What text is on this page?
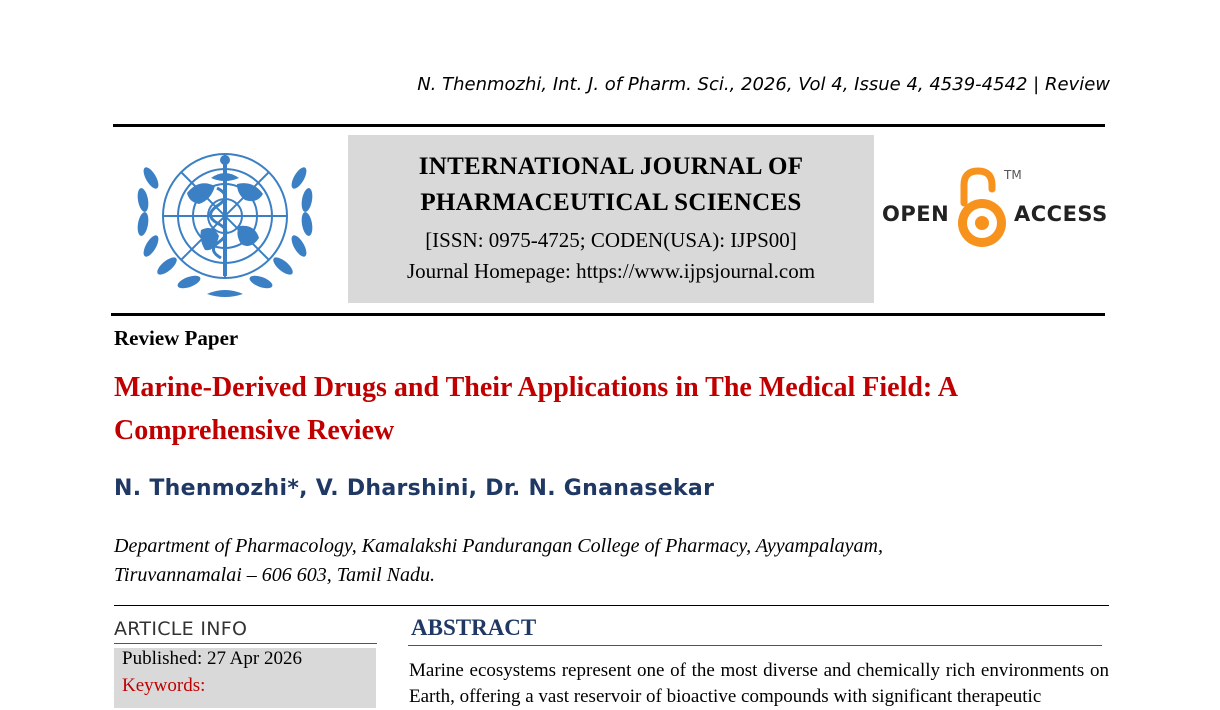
N. Thenmozhi, Int. J. of Pharm. Sci., 2026, Vol 4, Issue 4, 4539-4542 | Review
INTERNATIONAL JOURNAL OF
PHARMACEUTICAL SCIENCES
[ISSN: 0975-4725; CODEN(USA): IJPS00]
Journal Homepage: https://www.ijpsjournal.com
OPEN	ACCESS
TM
Review Paper
Marine-Derived Drugs and Their Applications in The Medical Field: A Comprehensive Review
N. Thenmozhi*, V. Dharshini, Dr. N. Gnanasekar
Department of Pharmacology, Kamalakshi Pandurangan College of Pharmacy, Ayyampalayam, Tiruvannamalai – 606 603, Tamil Nadu.
ARTICLE INFO
Published: 27 Apr 2026
Keywords:
ABSTRACT
Marine ecosystems represent one of the most diverse and chemically rich environments on Earth, offering a vast reservoir of bioactive compounds with significant therapeutic
